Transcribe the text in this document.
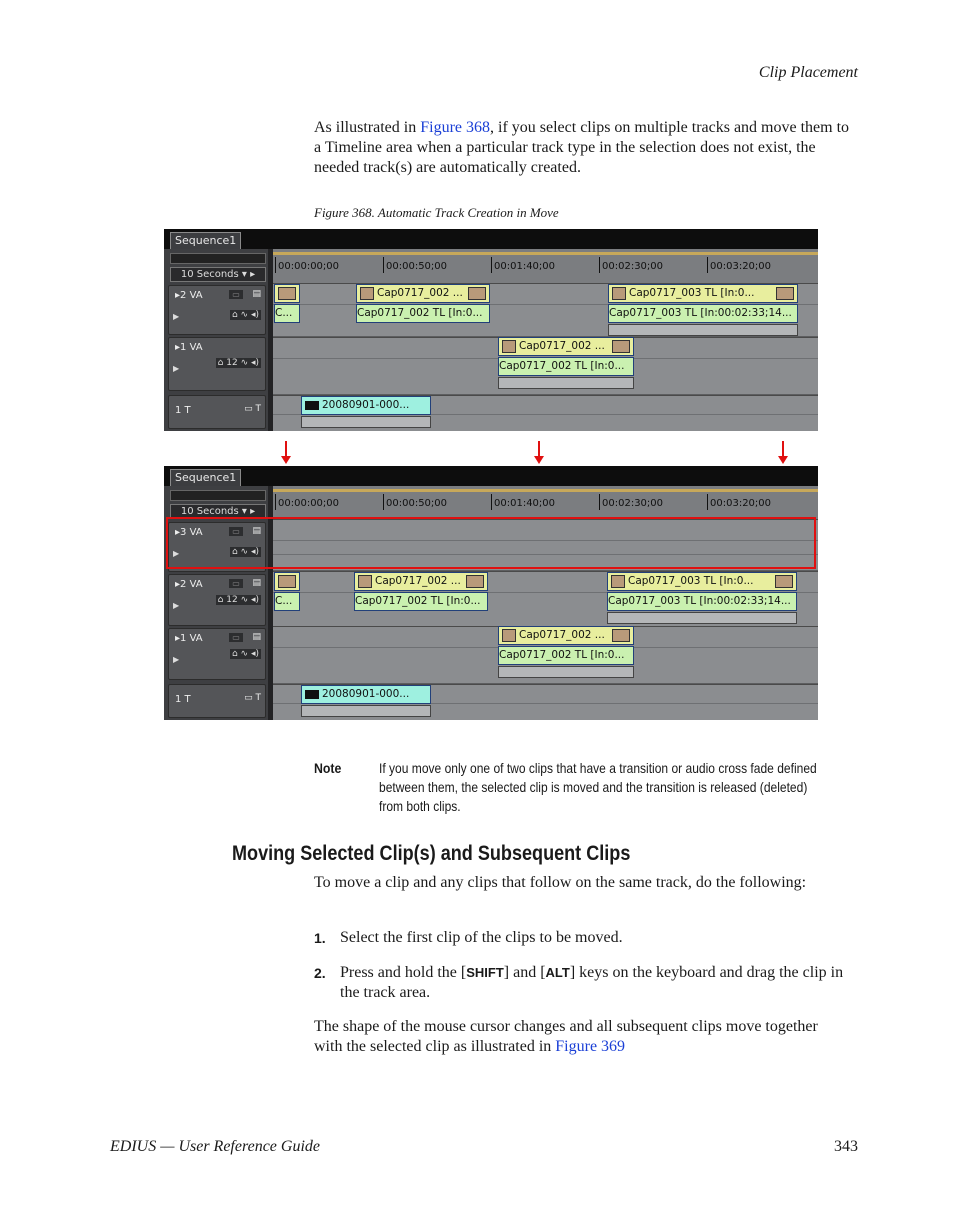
Clip Placement
As illustrated in Figure 368, if you select clips on multiple tracks and move them to a Timeline area when a particular track type in the selection does not exist, the needed track(s) are automatically created.
Figure 368. Automatic Track Creation in Move
Sequence1
10 Seconds ▾ ▸
▸2 VA	▭	▤
⌂ ∿ ◂)
▶
▸1 VA
⌂ 12 ∿ ◂)
▶
1 T	▭ T
00:00:00;00	00:00:50;00	00:01:40;00	00:02:30;00	00:03:20;00
C...
Cap0717_002 ...
Cap0717_002 TL [In:0...
Cap0717_003 TL [In:0...
Cap0717_003 TL [In:00:02:33;14...
Cap0717_002 ...
Cap0717_002 TL [In:0...
20080901-000...
Sequence1
10 Seconds ▾ ▸
▸3 VA	▭	▤
⌂ ∿ ◂)
▶
▸2 VA	▭	▤
⌂ 12 ∿ ◂)
▶
▸1 VA	▭	▤
⌂ ∿ ◂)
▶
1 T	▭ T
00:00:00;00	00:00:50;00	00:01:40;00	00:02:30;00	00:03:20;00
C...
Cap0717_002 ...
Cap0717_002 TL [In:0...
Cap0717_003 TL [In:0...
Cap0717_003 TL [In:00:02:33;14...
Cap0717_002 ...
Cap0717_002 TL [In:0...
20080901-000...
Note	If you move only one of two clips that have a transition or audio cross fade defined between them, the selected clip is moved and the transition is released (deleted) from both clips.
Moving Selected Clip(s) and Subsequent Clips
To move a clip and any clips that follow on the same track, do the following:
1. Select the first clip of the clips to be moved.
2. Press and hold the [SHIFT] and [ALT] keys on the keyboard and drag the clip in the track area.
The shape of the mouse cursor changes and all subsequent clips move together with the selected clip as illustrated in Figure 369
EDIUS — User Reference Guide	343
